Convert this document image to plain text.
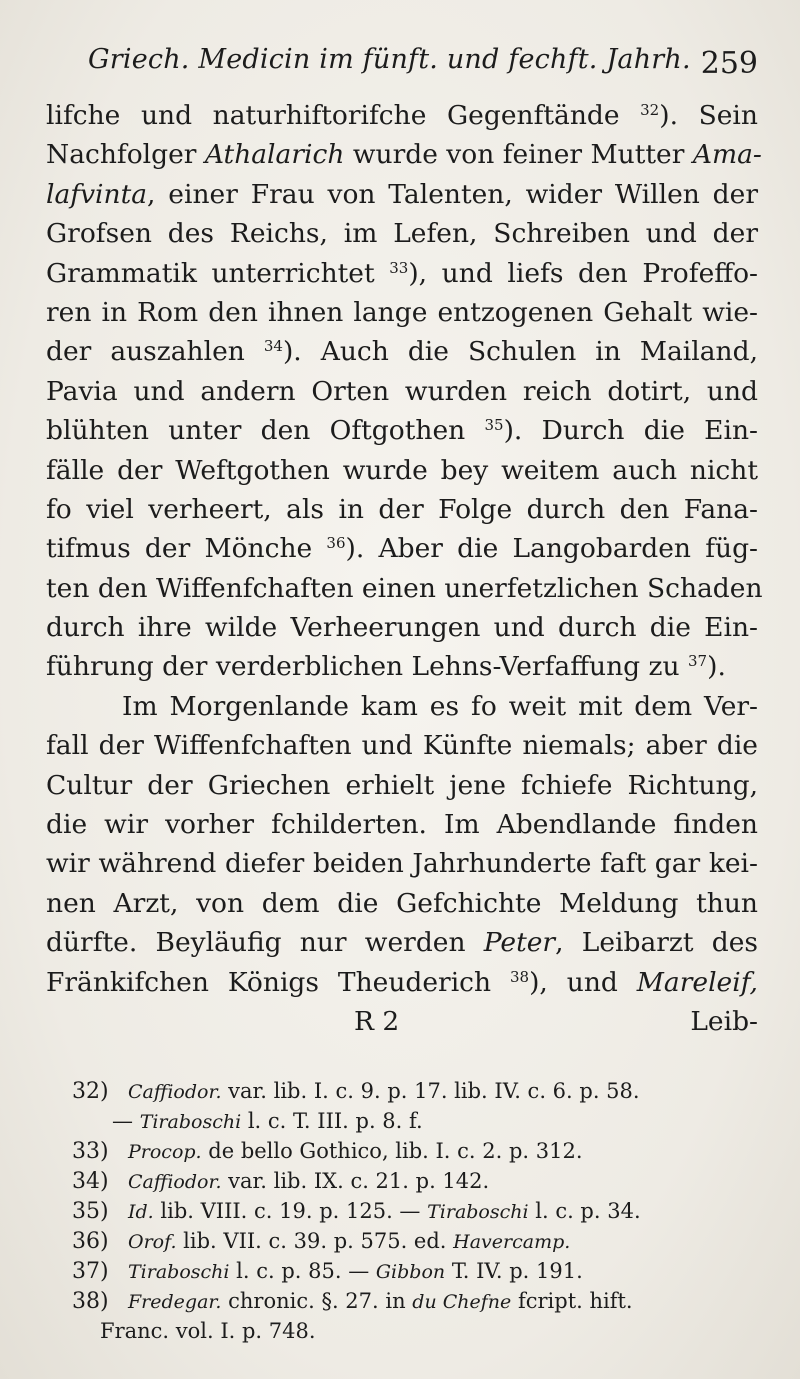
Griech. Medicin im fünft. und fechft. Jahrh. 259
lifche und naturhiftorifche Gegenftände $^{32}$). Sein
Nachfolger Athalarich wurde von feiner Mutter Ama-
lafvinta, einer Frau von Talenten, wider Willen der
Grofsen des Reichs, im Lefen, Schreiben und der
Grammatik unterrichtet $^{33}$), und liefs den Profeffo-
ren in Rom den ihnen lange entzogenen Gehalt wie-
der auszahlen $^{34}$). Auch die Schulen in Mailand,
Pavia und andern Orten wurden reich dotirt, und
blühten unter den Oftgothen $^{35}$). Durch die Ein-
fälle der Weftgothen wurde bey weitem auch nicht
fo viel verheert, als in der Folge durch den Fana-
tifmus der Mönche $^{36}$). Aber die Langobarden füg-
ten den Wiffenfchaften einen unerfetzlichen Schaden
durch ihre wilde Verheerungen und durch die Ein-
führung der verderblichen Lehns-Verfaffung zu $^{37}$).
Im Morgenlande kam es fo weit mit dem Ver-
fall der Wiffenfchaften und Künfte niemals; aber die
Cultur der Griechen erhielt jene fchiefe Richtung,
die wir vorher fchilderten. Im Abendlande finden
wir während diefer beiden Jahrhunderte faft gar kei-
nen Arzt, von dem die Gefchichte Meldung thun
dürfte. Beyläufig nur werden Peter, Leibarzt des
Fränkifchen Königs Theuderich $^{38}$), und Mareleif,
R 2	Leib-
32) Caffiodor. var. lib. I. c. 9. p. 17. lib. IV. c. 6. p. 58.
— Tiraboschi l. c. T. III. p. 8. f.
33) Procop. de bello Gothico, lib. I. c. 2. p. 312.
34) Caffiodor. var. lib. IX. c. 21. p. 142.
35) Id. lib. VIII. c. 19. p. 125. — Tiraboschi l. c. p. 34.
36) Orof. lib. VII. c. 39. p. 575. ed. Havercamp.
37) Tiraboschi l. c. p. 85. — Gibbon T. IV. p. 191.
38) Fredegar. chronic. §. 27. in du Chefne fcript. hift.
Franc. vol. I. p. 748.
